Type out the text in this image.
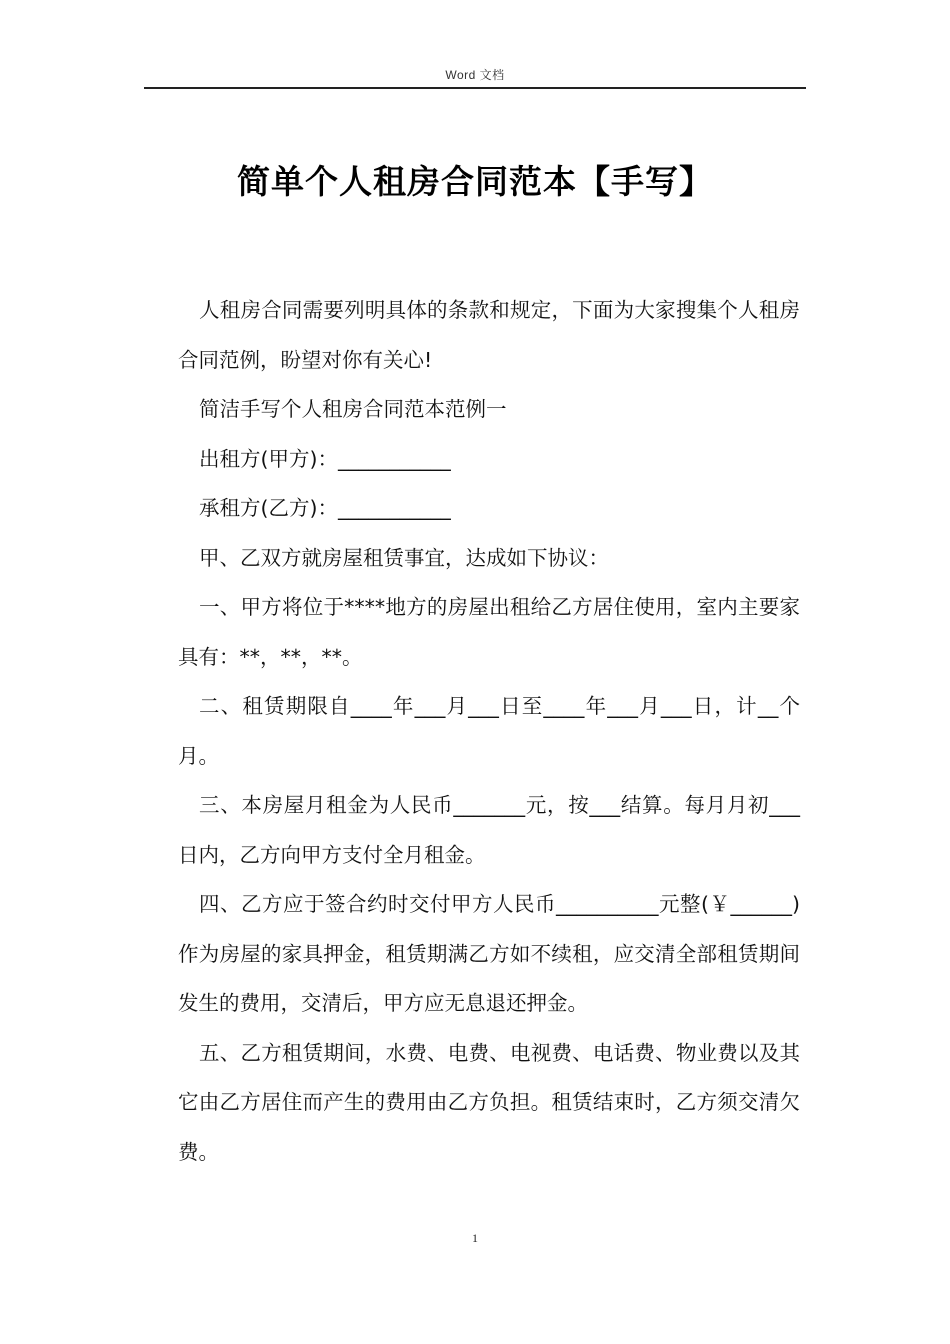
Word 文档
简单个人租房合同范本【手写】

人租房合同需要列明具体的条款和规定，下面为大家搜集个人租房合同范例，盼望对你有关心!

简洁手写个人租房合同范本范例一

出租方(甲方)：___________

承租方(乙方)：___________

甲、乙双方就房屋租赁事宜，达成如下协议：

一、甲方将位于****地方的房屋出租给乙方居住使用，室内主要家具有：**，**，**。

二、租赁期限自____年___月___日至____年___月___日，计__个月。

三、本房屋月租金为人民币_______元，按___结算。每月月初___日内，乙方向甲方支付全月租金。

四、乙方应于签合约时交付甲方人民币__________元整(￥______)作为房屋的家具押金，租赁期满乙方如不续租，应交清全部租赁期间发生的费用，交清后，甲方应无息退还押金。

五、乙方租赁期间，水费、电费、电视费、电话费、物业费以及其它由乙方居住而产生的费用由乙方负担。租赁结束时，乙方须交清欠费。

1
